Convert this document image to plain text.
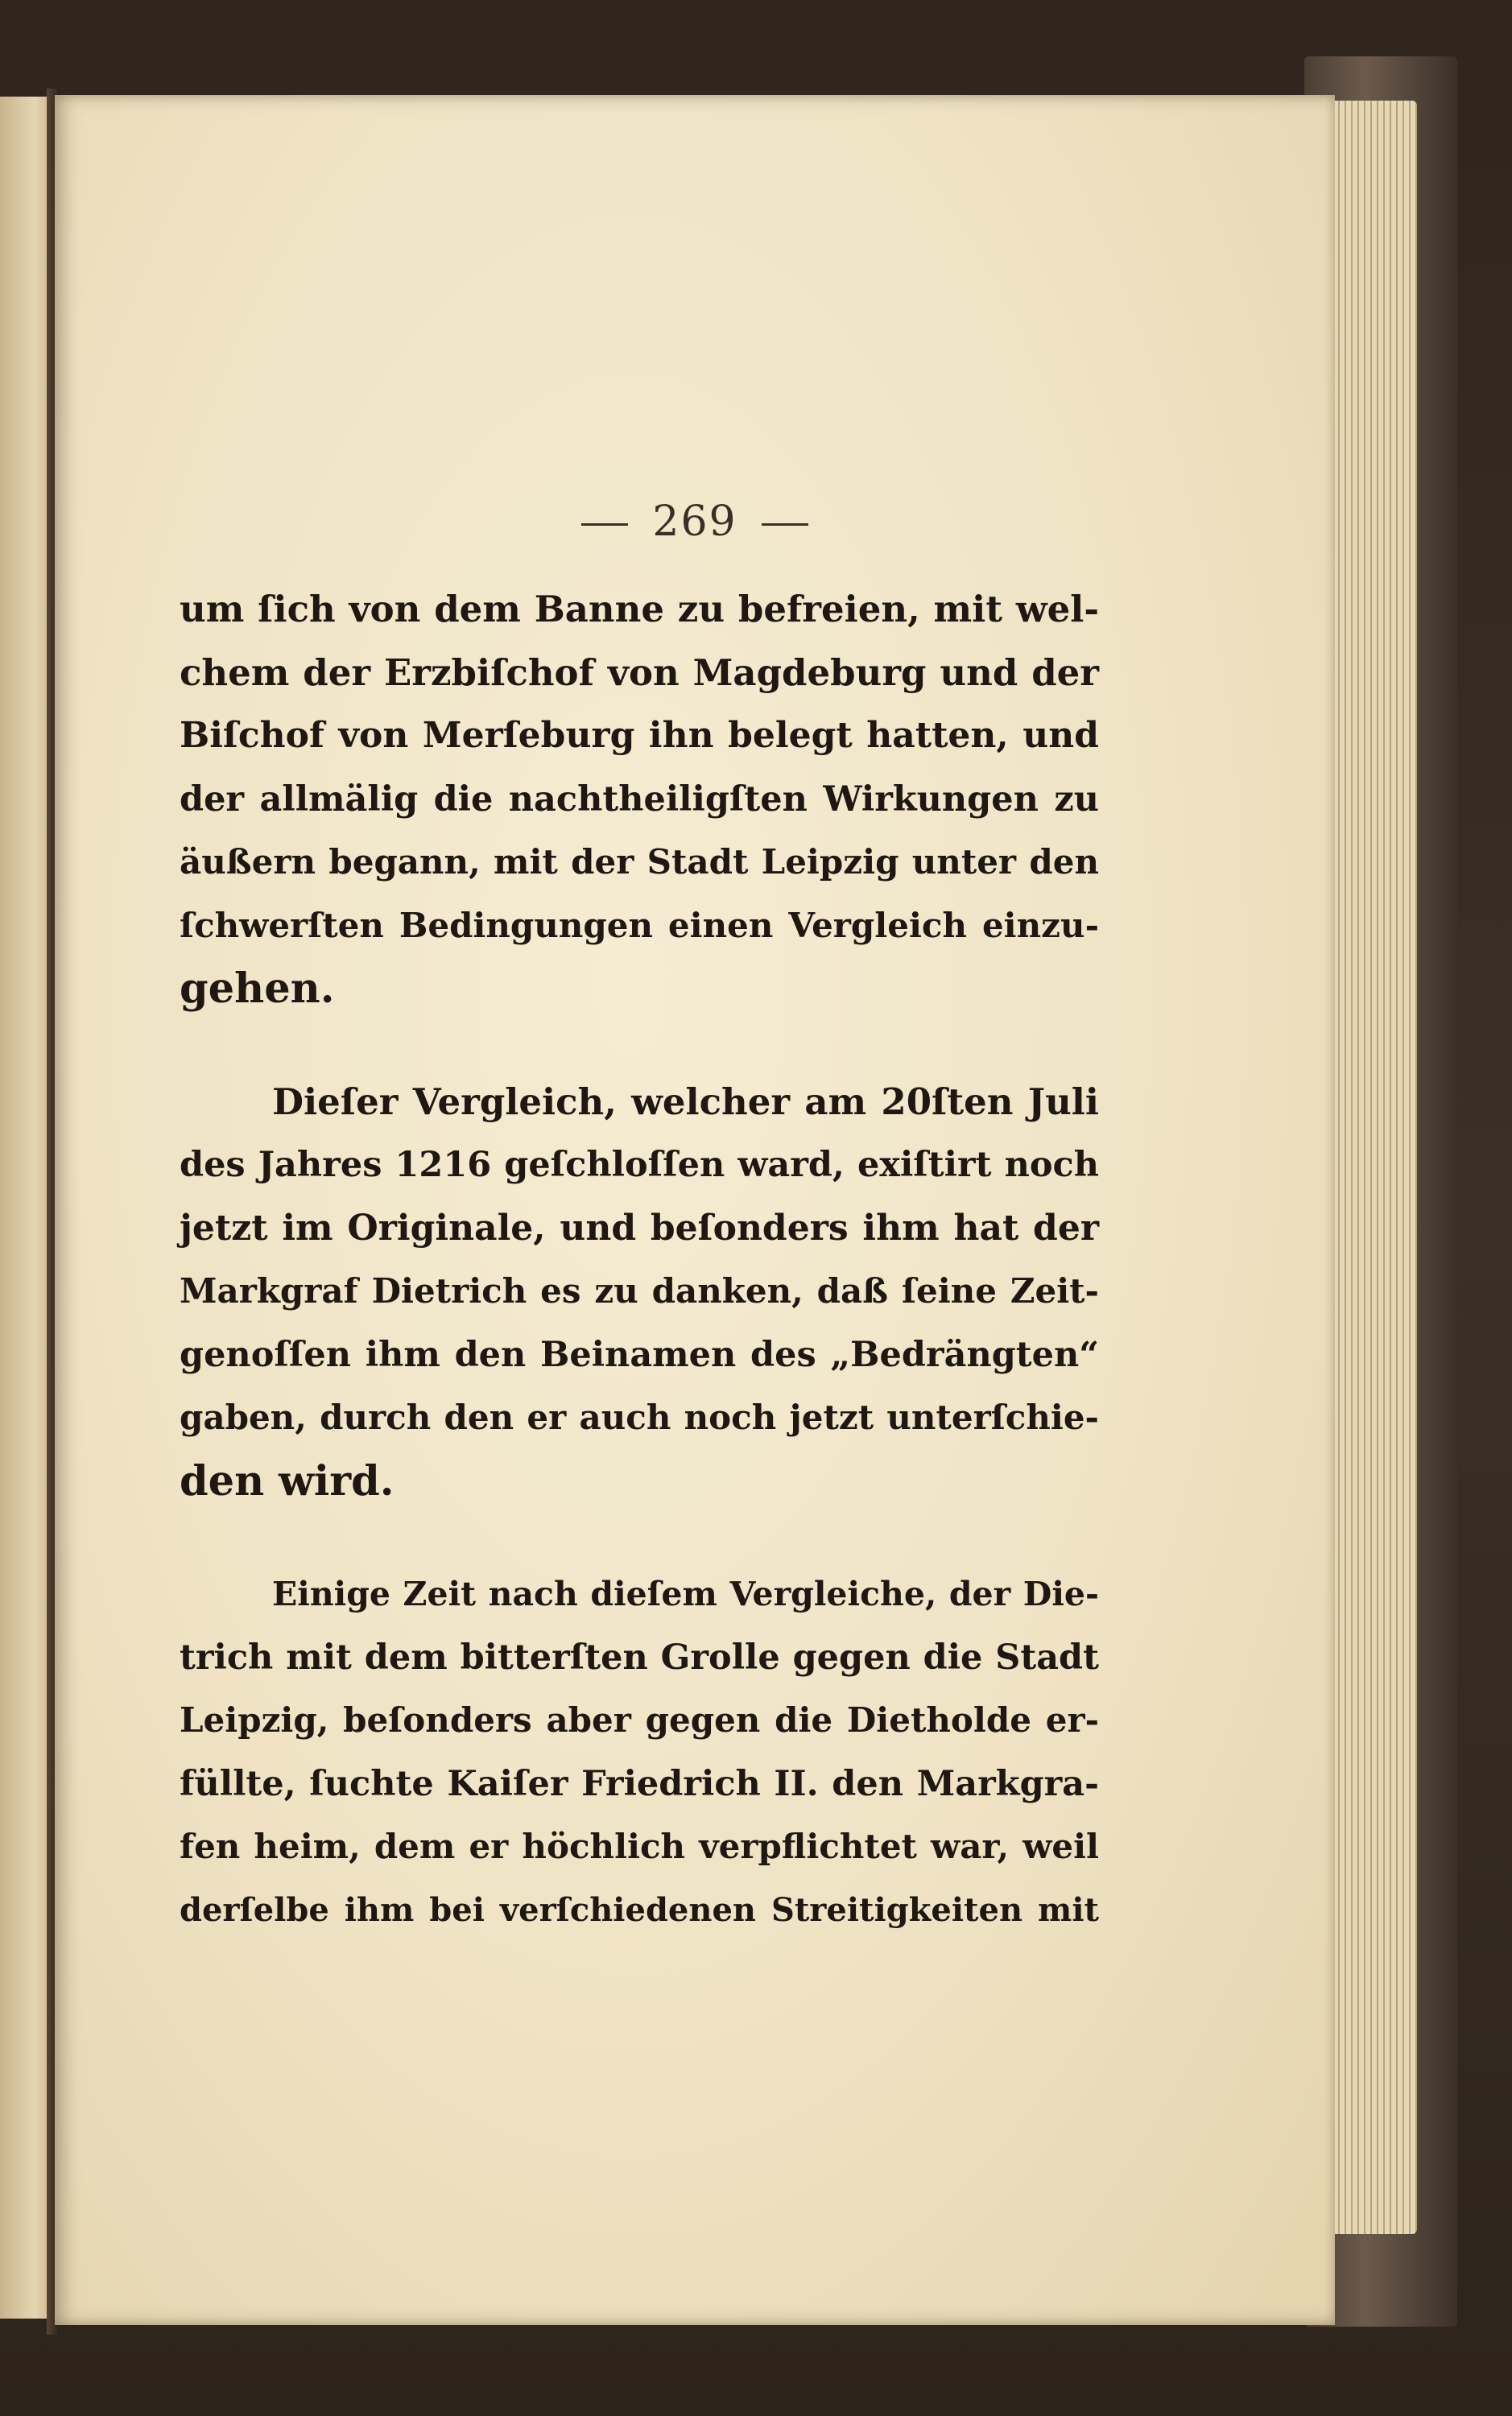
269
um ſich von dem Banne zu befreien, mit wel-
chem der Erzbiſchof von Magdeburg und der
Biſchof von Merſeburg ihn belegt hatten, und
der allmälig die nachtheiligſten Wirkungen zu
äußern begann, mit der Stadt Leipzig unter den
ſchwerſten Bedingungen einen Vergleich einzu-
gehen.
Dieſer Vergleich, welcher am 20ſten Juli
des Jahres 1216 geſchloſſen ward, exiſtirt noch
jetzt im Originale, und beſonders ihm hat der
Markgraf Dietrich es zu danken, daß ſeine Zeit-
genoſſen ihm den Beinamen des „Bedrängten“
gaben, durch den er auch noch jetzt unterſchie-
den wird.
Einige Zeit nach dieſem Vergleiche, der Die-
trich mit dem bitterſten Grolle gegen die Stadt
Leipzig, beſonders aber gegen die Dietholde er-
füllte, ſuchte Kaiſer Friedrich II. den Markgra-
fen heim, dem er höchlich verpflichtet war, weil
derſelbe ihm bei verſchiedenen Streitigkeiten mit
